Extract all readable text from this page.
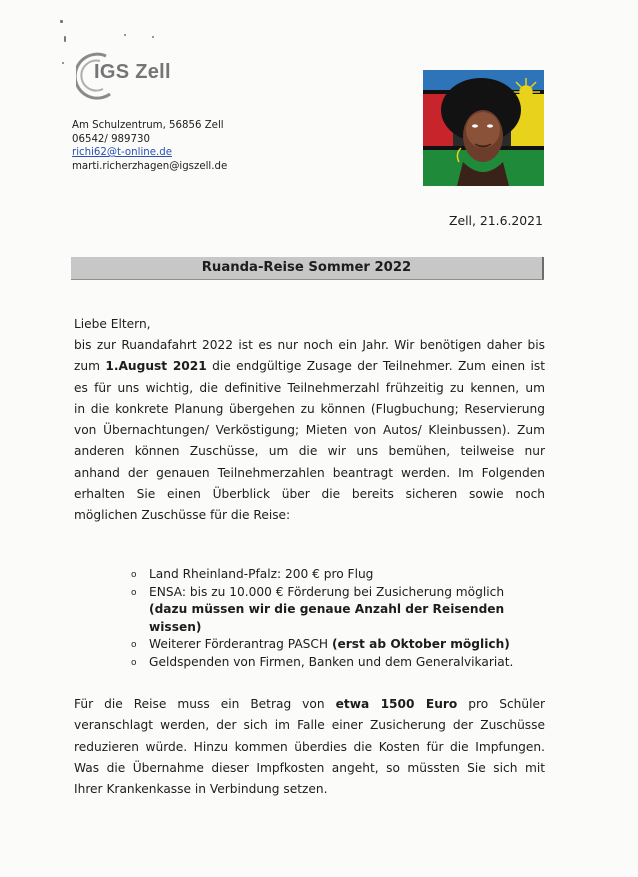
IGS Zell
Am Schulzentrum, 56856 Zell
06542/ 989730
richi62@t-online.de
marti.richerzhagen@igszell.de
Zell, 21.6.2021
Ruanda-Reise Sommer 2022
Liebe Eltern,
bis zur Ruandafahrt 2022 ist es nur noch ein Jahr. Wir benötigen daher bis
zum 1.August 2021 die endgültige Zusage der Teilnehmer. Zum einen ist
es für uns wichtig, die definitive Teilnehmerzahl frühzeitig zu kennen, um
in die konkrete Planung übergehen zu können (Flugbuchung; Reservierung
von Übernachtungen/ Verköstigung; Mieten von Autos/ Kleinbussen). Zum
anderen können Zuschüsse, um die wir uns bemühen, teilweise nur
anhand der genauen Teilnehmerzahlen beantragt werden. Im Folgenden
erhalten Sie einen Überblick über die bereits sicheren sowie noch
möglichen Zuschüsse für die Reise:
o Land Rheinland-Pfalz: 200 € pro Flug
o ENSA: bis zu 10.000 € Förderung bei Zusicherung möglich
(dazu müssen wir die genaue Anzahl der Reisenden
wissen)
o Weiterer Förderantrag PASCH (erst ab Oktober möglich)
o Geldspenden von Firmen, Banken und dem Generalvikariat.
Für die Reise muss ein Betrag von etwa 1500 Euro pro Schüler
veranschlagt werden, der sich im Falle einer Zusicherung der Zuschüsse
reduzieren würde. Hinzu kommen überdies die Kosten für die Impfungen.
Was die Übernahme dieser Impfkosten angeht, so müssten Sie sich mit
Ihrer Krankenkasse in Verbindung setzen.
